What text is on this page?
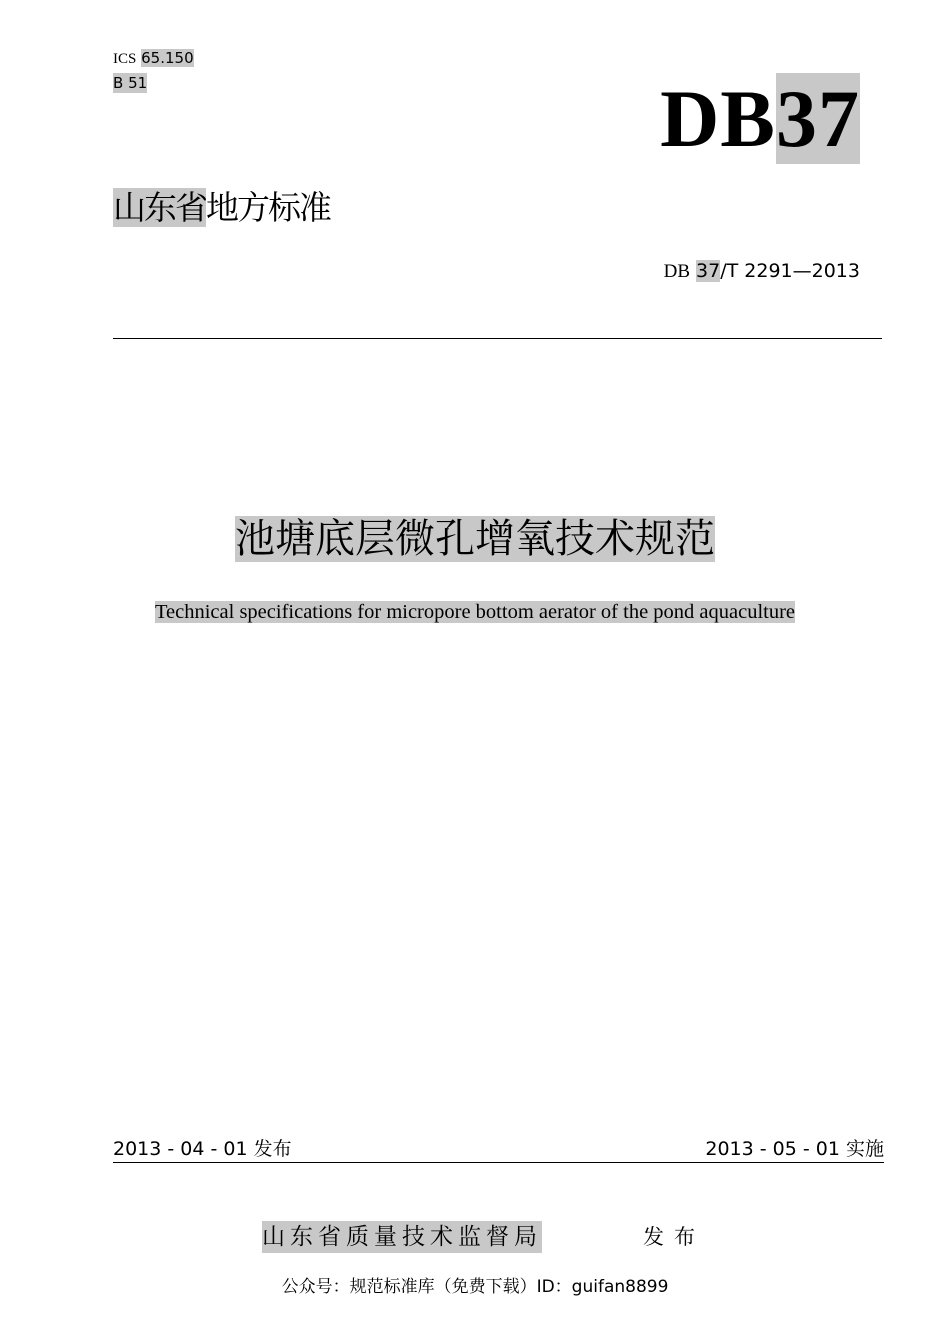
ICS 65.150
B 51	DB37
山东省地方标准
DB 37/T 2291—2013
池塘底层微孔增氧技术规范
Technical specifications for micropore bottom aerator of the pond aquaculture
2013 - 04 - 01 发布	2013 - 05 - 01 实施
山东省质量技术监督局	发布
公众号：规范标准库（免费下载）ID：guifan8899
